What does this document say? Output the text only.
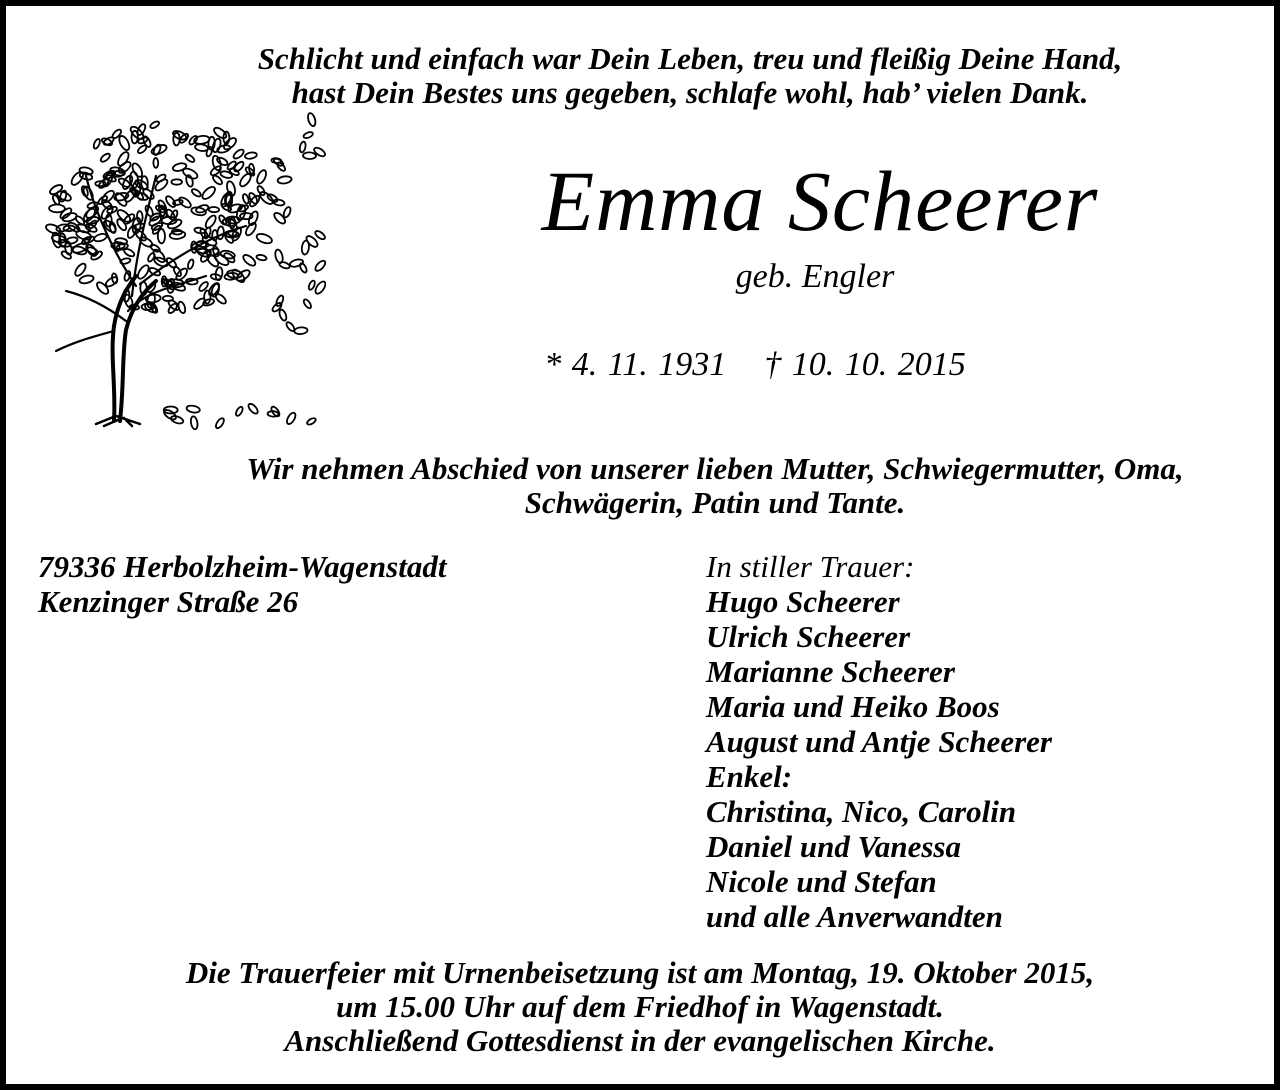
Schlicht und einfach war Dein Leben, treu und fleißig Deine Hand,
hast Dein Bestes uns gegeben, schlafe wohl, hab’ vielen Dank.
Emma Scheerer
geb. Engler
* 4. 11. 1931 † 10. 10. 2015
Wir nehmen Abschied von unserer lieben Mutter, Schwiegermutter, Oma,
Schwägerin, Patin und Tante.
79336 Herbolzheim-Wagenstadt
Kenzinger Straße 26
In stiller Trauer:
Hugo Scheerer
Ulrich Scheerer
Marianne Scheerer
Maria und Heiko Boos
August und Antje Scheerer
Enkel:
Christina, Nico, Carolin
Daniel und Vanessa
Nicole und Stefan
und alle Anverwandten
Die Trauerfeier mit Urnenbeisetzung ist am Montag, 19. Oktober 2015,
um 15.00 Uhr auf dem Friedhof in Wagenstadt.
Anschließend Gottesdienst in der evangelischen Kirche.
